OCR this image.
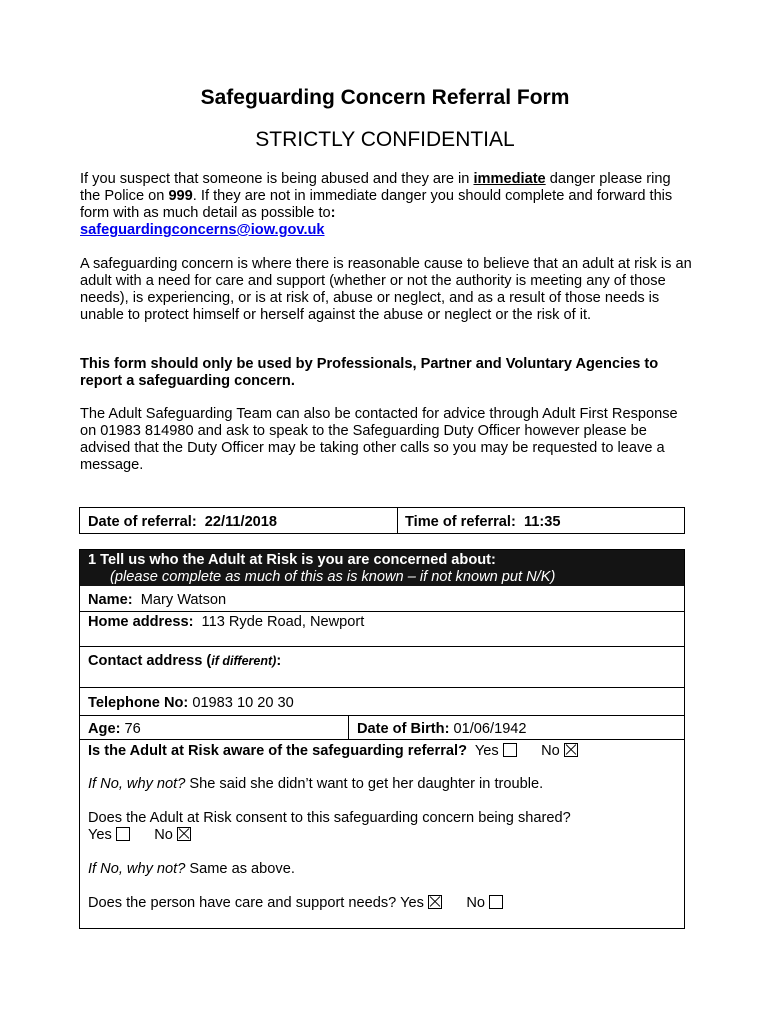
Safeguarding Concern Referral Form
STRICTLY CONFIDENTIAL
If you suspect that someone is being abused and they are in immediate danger please ring the Police on 999. If they are not in immediate danger you should complete and forward this form with as much detail as possible to:
safeguardingconcerns@iow.gov.uk
A safeguarding concern is where there is reasonable cause to believe that an adult at risk is an adult with a need for care and support (whether or not the authority is meeting any of those needs), is experiencing, or is at risk of, abuse or neglect, and as a result of those needs is unable to protect himself or herself against the abuse or neglect or the risk of it.
This form should only be used by Professionals, Partner and Voluntary Agencies to report a safeguarding concern.
The Adult Safeguarding Team can also be contacted for advice through Adult First Response on 01983 814980 and ask to speak to the Safeguarding Duty Officer however please be advised that the Duty Officer may be taking other calls so you may be requested to leave a message.
Date of referral: 22/11/2018	Time of referral: 11:35
1 Tell us who the Adult at Risk is you are concerned about:
(please complete as much of this as is known – if not known put N/K)
Name: Mary Watson
Home address: 113 Ryde Road, Newport
Contact address (if different):
Telephone No: 01983 10 20 30
Age: 76	Date of Birth: 01/06/1942
Is the Adult at Risk aware of the safeguarding referral? Yes	No
If No, why not? She said she didn’t want to get her daughter in trouble.
Does the Adult at Risk consent to this safeguarding concern being shared?
Yes	No
If No, why not? Same as above.
Does the person have care and support needs? Yes	No
